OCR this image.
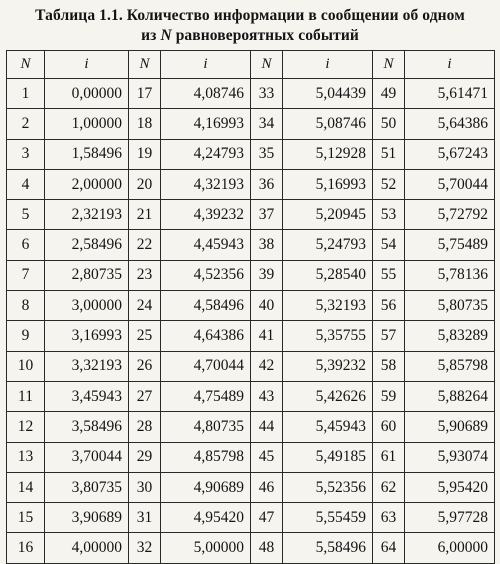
Таблица 1.1. Количество информации в сообщении об одном
из N равновероятных событий
N	i	N	i	N	i	N	i
1	0,00000	17	4,08746	33	5,04439	49	5,61471
2	1,00000	18	4,16993	34	5,08746	50	5,64386
3	1,58496	19	4,24793	35	5,12928	51	5,67243
4	2,00000	20	4,32193	36	5,16993	52	5,70044
5	2,32193	21	4,39232	37	5,20945	53	5,72792
6	2,58496	22	4,45943	38	5,24793	54	5,75489
7	2,80735	23	4,52356	39	5,28540	55	5,78136
8	3,00000	24	4,58496	40	5,32193	56	5,80735
9	3,16993	25	4,64386	41	5,35755	57	5,83289
10	3,32193	26	4,70044	42	5,39232	58	5,85798
11	3,45943	27	4,75489	43	5,42626	59	5,88264
12	3,58496	28	4,80735	44	5,45943	60	5,90689
13	3,70044	29	4,85798	45	5,49185	61	5,93074
14	3,80735	30	4,90689	46	5,52356	62	5,95420
15	3,90689	31	4,95420	47	5,55459	63	5,97728
16	4,00000	32	5,00000	48	5,58496	64	6,00000
